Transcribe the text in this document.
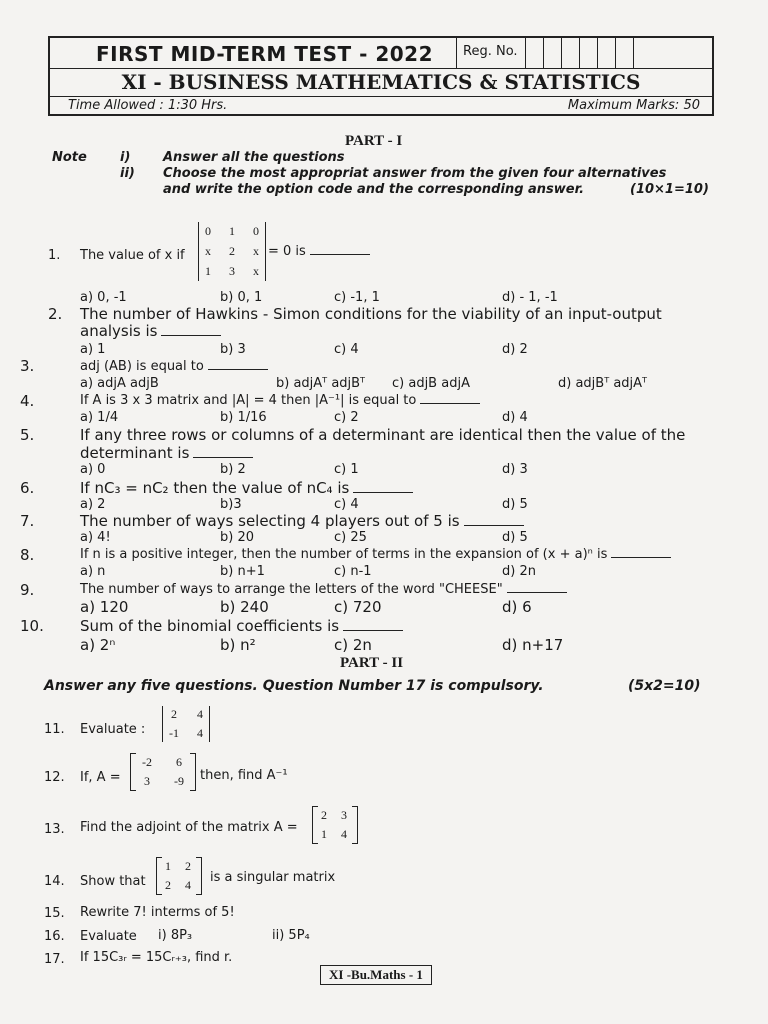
FIRST MID-TERM TEST - 2022	Reg. No.
XI - BUSINESS MATHEMATICS & STATISTICS
Time Allowed : 1:30 Hrs.	Maximum Marks: 50
PART - I
Note	i)	Answer all the questions
ii) Choose the most appropriat answer from the given four alternatives
and write the option code and the corresponding answer.	(10×1=10)
1. The value of x if
0 1 0
x 2 x
1 3 x
= 0 is
a) 0, -1	b) 0, 1	c) -1, 1	d) - 1, -1
2. The number of Hawkins - Simon conditions for the viability of an input-output
analysis is
a) 1	b) 3	c) 4	d) 2
3.	adj (AB) is equal to
a) adjA adjB	b) adjAᵀ adjBᵀ c) adjB adjA	d) adjBᵀ adjAᵀ
4.	If A is 3 x 3 matrix and |A| = 4 then |A⁻¹| is equal to
a) 1/4	b) 1/16	c) 2	d) 4
5.	If any three rows or columns of a determinant are identical then the value of the
determinant is
a) 0	b) 2	c) 1	d) 3
6.	If nC₃ = nC₂ then the value of nC₄ is
a) 2	b)3	c) 4	d) 5
7.	The number of ways selecting 4 players out of 5 is
a) 4!	b) 20	c) 25	d) 5
8.	If n is a positive integer, then the number of terms in the expansion of (x + a)ⁿ is
a) n	b) n+1	c) n-1	d) 2n
9.	The number of ways to arrange the letters of the word "CHEESE"
a) 120	b) 240	c) 720	d) 6
10. Sum of the binomial coefficients is
a) 2ⁿ	b) n²	c) 2n	d) n+17
PART - II
Answer any five questions. Question Number 17 is compulsory.	(5x2=10)
11. Evaluate :
2	4
-1 4
12. If, A =
-2	6
3	-9	then, find A⁻¹
13. Find the adjoint of the matrix A =
2 3
1 4
14. Show that
1 2
2 4 is a singular matrix
15. Rewrite 7! interms of 5!
16. Evaluate i) 8P₃	ii) 5P₄
17. If 15C₃ᵣ = 15Cᵣ₊₃, find r.
XI -Bu.Maths - 1
